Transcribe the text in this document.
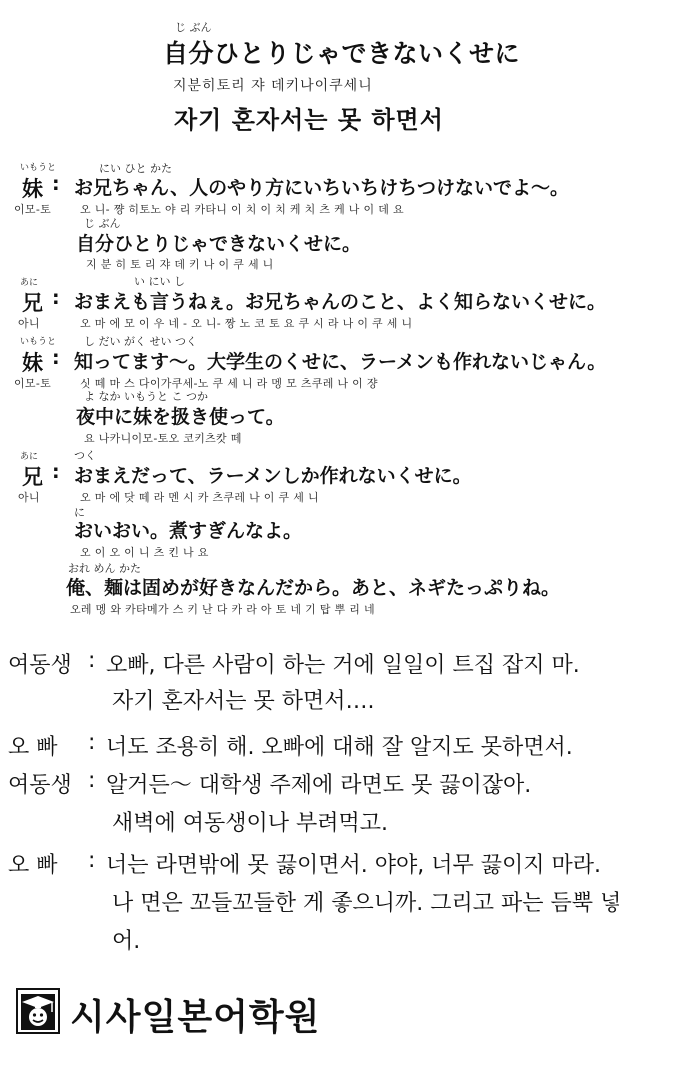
じ ぶん
自分ひとりじゃできないくせに
지분히토리 쟈 데키나이쿠세니
자기 혼자서는 못 하면서
いもうと
妹 :
이모-토
にい ひと かた
お兄ちゃん、人のやり方にいちいちけちつけないでよ～。
오 니- 쨩 히토노 야 리 카타니 이 치 이 치 케 치 츠 케 나 이 데 요
じ ぶん
自分ひとりじゃできないくせに。
지 분 히 토 리 쟈 데 키 나 이 쿠 세 니
あに
兄 :
아니
い にい し
おまえも言うねぇ。お兄ちゃんのこと、よく知らないくせに。
오 마 에 모 이 우 네 - 오 니- 짱 노 코 토 요 쿠 시 라 나 이 쿠 세 니
いもうと
妹 :
이모-토
し だい がく せい つく
知ってます～。大学生のくせに、ラーメンも作れないじゃん。
싯 떼 마 스 다이가쿠세-노 쿠 세 니 라 멩 모 츠쿠레 나 이 쟝
よ なか いもうと こ つか
夜中に妹を扱き使って。
요 나카니이모-토오 코키츠캇 떼
あに
兄 :
아니
つく
おまえだって、ラーメンしか作れないくせに。
오 마 에 닷 떼 라 멘 시 카 츠쿠레 나 이 쿠 세 니
に
おいおい。煮すぎんなよ。
오 이 오 이 니 츠 킨 나 요
おれ めん かた
俺、麺は固めが好きなんだから。あと、ネギたっぷりね。
오레 멩 와 카타메가 스 키 난 다 카 라 아 토 네 기 탑 뿌 리 네
여동생 : 오빠, 다른 사람이 하는 거에 일일이 트집 잡지 마.
자기 혼자서는 못 하면서….
오 빠 : 너도 조용히 해. 오빠에 대해 잘 알지도 못하면서.
여동생 : 알거든～ 대학생 주제에 라면도 못 끓이잖아.
새벽에 여동생이나 부려먹고.
오 빠 : 너는 라면밖에 못 끓이면서. 야야, 너무 끓이지 마라.
나 면은 꼬들꼬들한 게 좋으니까. 그리고 파는 듬뿍 넣
어.
시사일본어학원
